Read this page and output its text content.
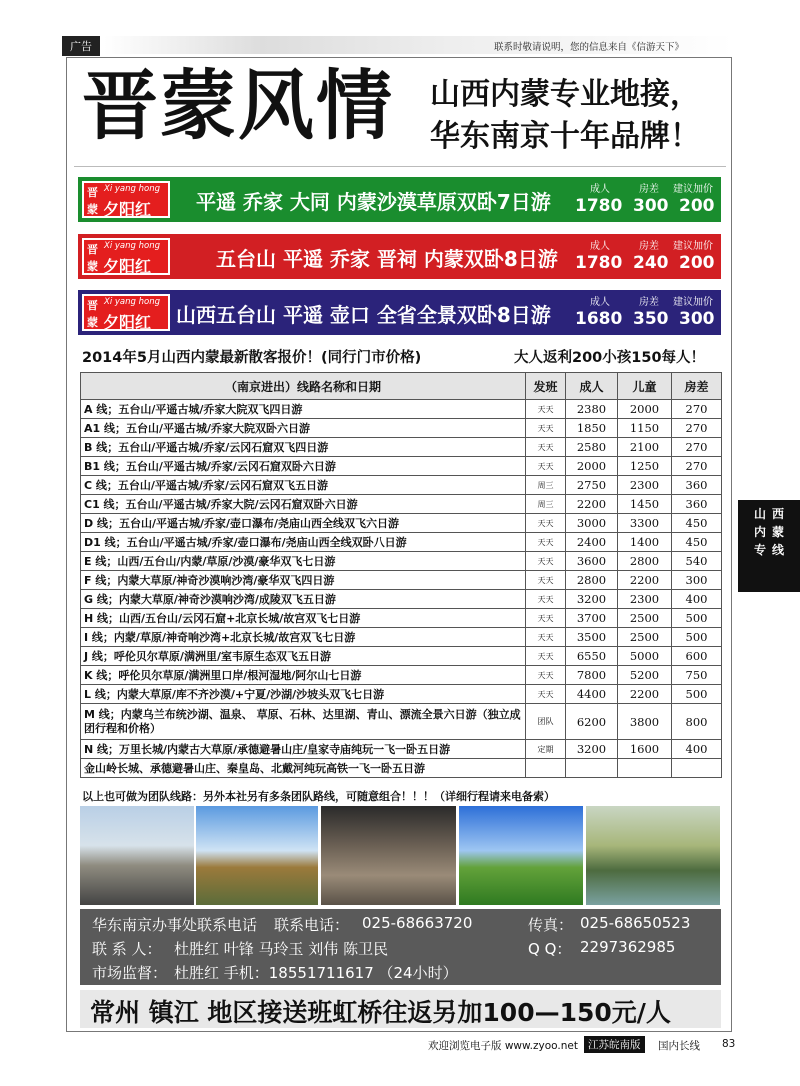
广告	联系时敬请说明，您的信息来自《信游天下》
晋蒙风情 山西内蒙专业地接，
华东南京十年品牌！
晋
蒙
Xi yang hong
夕阳红 平遥 乔家 大同 内蒙沙漠草原双卧7日游
成人	房差 建议加价
1780 300 200
晋
蒙
Xi yang hong
夕阳红	五台山 平遥 乔家 晋祠 内蒙双卧8日游
成人	房差 建议加价
1780 240 200
晋
蒙
Xi yang hong
夕阳红 山西五台山 平遥 壶口 全省全景双卧8日游
成人	房差 建议加价
1680 350 300
2014年5月山西内蒙最新散客报价！(同行门市价格)	大人返利200小孩150每人！
（南京进出）线路名称和日期	发班	成人	儿童	房差
A 线；五台山/平遥古城/乔家大院双飞四日游	天天	2380	2000	270
A1 线；五台山/平遥古城/乔家大院双卧六日游	天天	1850	1150	270
B 线；五台山/平遥古城/乔家/云冈石窟双飞四日游	天天	2580	2100	270
B1 线；五台山/平遥古城/乔家/云冈石窟双卧六日游	天天	2000	1250	270
C 线；五台山/平遥古城/乔家/云冈石窟双飞五日游	周三	2750	2300	360
C1 线；五台山/平遥古城/乔家大院/云冈石窟双卧六日游	周三	2200	1450	360
D 线；五台山/平遥古城/乔家/壶口瀑布/尧庙山西全线双飞六日游	天天	3000	3300	450
D1 线；五台山/平遥古城/乔家/壶口瀑布/尧庙山西全线双卧八日游	天天	2400	1400	450
E 线；山西/五台山/内蒙/草原/沙漠/豪华双飞七日游	天天	3600	2800	540
F 线；内蒙大草原/神奇沙漠响沙湾/豪华双飞四日游	天天	2800	2200	300
G 线；内蒙大草原/神奇沙漠响沙湾/成陵双飞五日游	天天	3200	2300	400
H 线；山西/五台山/云冈石窟+北京长城/故宫双飞七日游	天天	3700	2500	500
I 线；内蒙/草原/神奇响沙湾+北京长城/故宫双飞七日游	天天	3500	2500	500
J 线；呼伦贝尔草原/满洲里/室韦原生态双飞五日游	天天	6550	5000	600
K 线；呼伦贝尔草原/满洲里口岸/根河湿地/阿尔山七日游	天天	7800	5200	750
L 线；内蒙大草原/库不齐沙漠/+宁夏/沙湖/沙坡头双飞七日游	天天	4400	2200	500
M 线；内蒙乌兰布统沙湖、温泉、 草原、石林、达里湖、青山、漂流全景六日游（独立成团行程和价格）	团队	6200	3800	800
N 线；万里长城/内蒙古大草原/承德避暑山庄/皇家寺庙纯玩一飞一卧五日游	定期	3200	1600	400
金山岭长城、承德避暑山庄、秦皇岛、北戴河纯玩高铁一飞一卧五日游				
山 西
内 蒙
专 线
以上也可做为团队线路：另外本社另有多条团队路线，可随意组合！！！（详细行程请来电备索）
华东南京办事处联系电话 联系电话： 025-68663720	传真： 025-68650523
联 系 人： 杜胜红 叶锋 马玲玉 刘伟 陈卫民	Q Q： 2297362985
市场监督： 杜胜红 手机：18551711617 （24小时）
常州 镇江 地区接送班虹桥往返另加100—150元/人
欢迎浏览电子版 www.zyoo.net 江苏皖南版	国内长线 83
